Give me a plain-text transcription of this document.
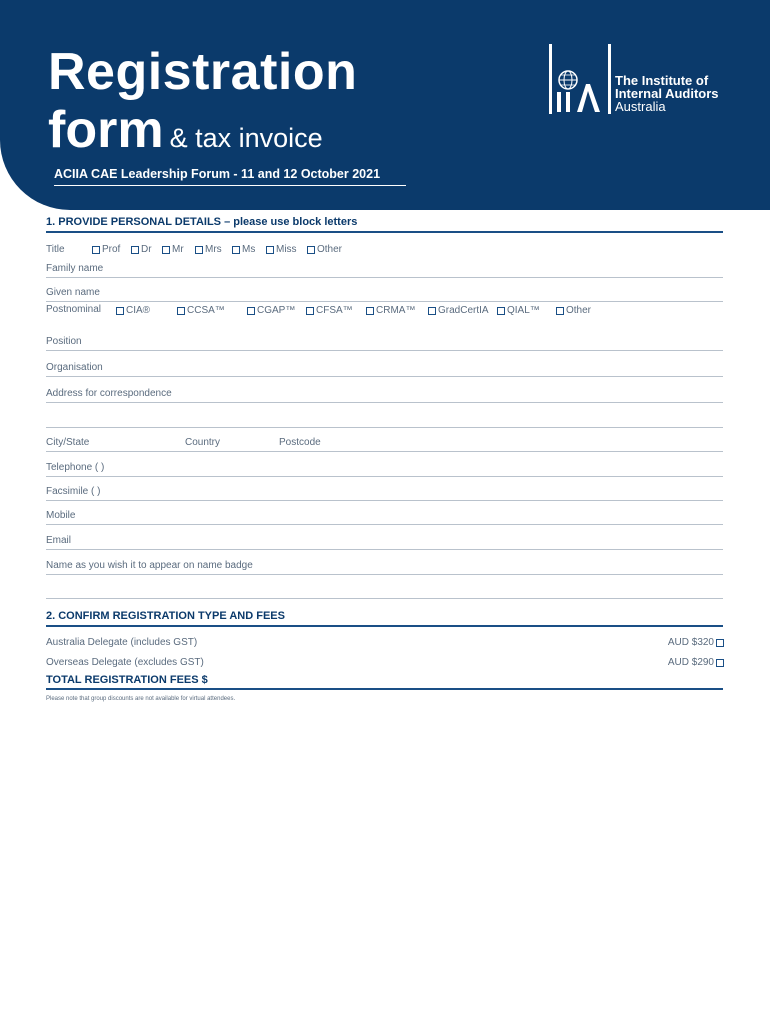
Registration
form & tax invoice
The Institute of
Internal Auditors
Australia
ACIIA CAE Leadership Forum - 11 and 12 October 2021
1. PROVIDE PERSONAL DETAILS – please use block letters
Title	Prof Dr Mr Mrs Ms Miss Other
Family name
Given name
Postnominal CIA®	CCSA™	CGAP™ CFSA™ CRMA™ GradCertIA QIAL™	Other
Position
Organisation
Address for correspondence
City/State	Country	Postcode
Telephone ( )
Facsimile ( )
Mobile
Email
Name as you wish it to appear on name badge
2. CONFIRM REGISTRATION TYPE AND FEES
Australia Delegate (includes GST)	AUD $320
Overseas Delegate (excludes GST)	AUD $290
TOTAL REGISTRATION FEES $
Please note that group discounts are not available for virtual attendees.
